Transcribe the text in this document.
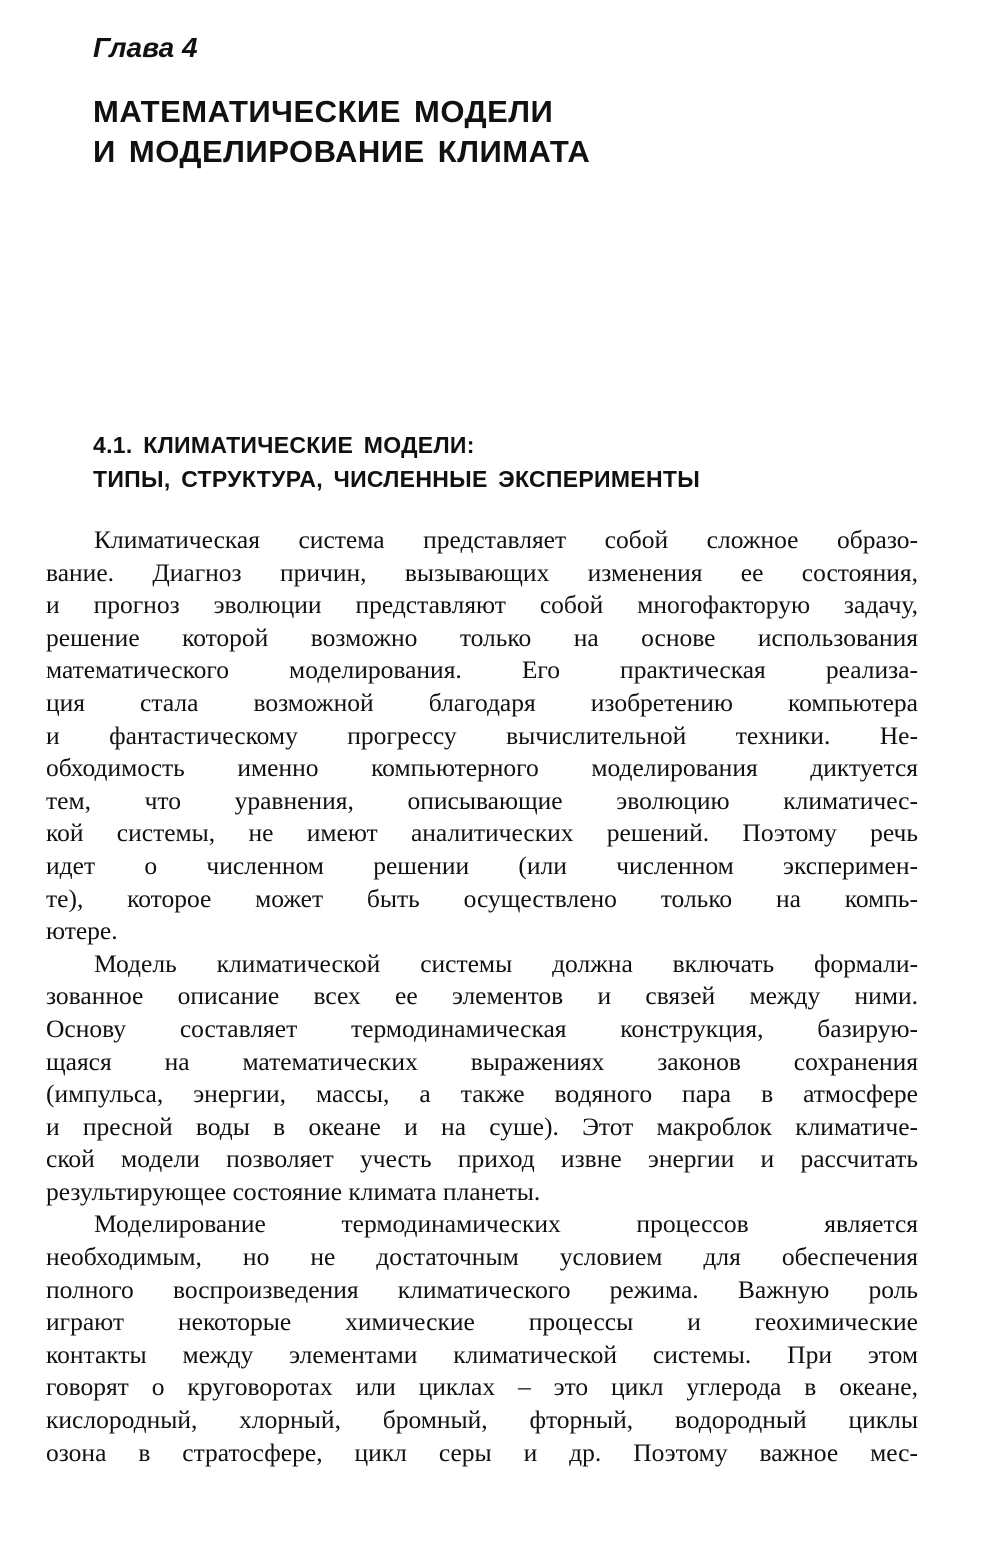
Глава 4
МАТЕМАТИЧЕСКИЕ МОДЕЛИ
И МОДЕЛИРОВАНИЕ КЛИМАТА
4.1. КЛИМАТИЧЕСКИЕ МОДЕЛИ:
ТИПЫ, СТРУКТУРА, ЧИСЛЕННЫЕ ЭКСПЕРИМЕНТЫ

Климатическая система представляет собой сложное образо-
вание. Диагноз причин, вызывающих изменения ее состояния,
и прогноз эволюции представляют собой многофакторую задачу,
решение которой возможно только на основе использования
математического моделирования. Его практическая реализа-
ция стала возможной благодаря изобретению компьютера
и фантастическому прогрессу вычислительной техники. Не-
обходимость именно компьютерного моделирования диктуется
тем, что уравнения, описывающие эволюцию климатичес-
кой системы, не имеют аналитических решений. Поэтому речь
идет о численном решении (или численном эксперимен-
те), которое может быть осуществлено только на компь-
ютере.

Модель климатической системы должна включать формали-
зованное описание всех ее элементов и связей между ними.
Основу составляет термодинамическая конструкция, базирую-
щаяся на математических выражениях законов сохранения
(импульса, энергии, массы, а также водяного пара в атмосфере
и пресной воды в океане и на суше). Этот макроблок климатиче-
ской модели позволяет учесть приход извне энергии и рассчитать
результирующее состояние климата планеты.

Моделирование термодинамических процессов является
необходимым, но не достаточным условием для обеспечения
полного воспроизведения климатического режима. Важную роль
играют некоторые химические процессы и геохимические
контакты между элементами климатической системы. При этом
говорят о круговоротах или циклах – это цикл углерода в океане,
кислородный, хлорный, бромный, фторный, водородный циклы
озона в стратосфере, цикл серы и др. Поэтому важное мес-
